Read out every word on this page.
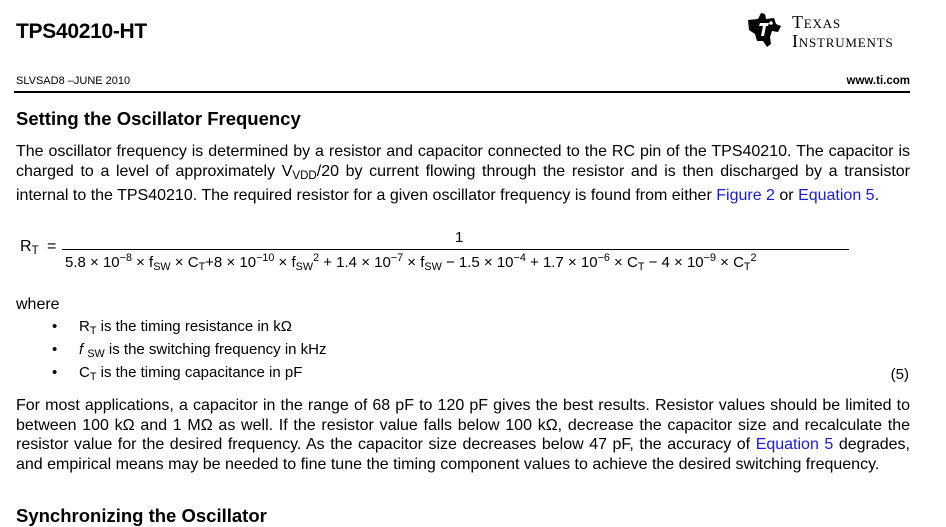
TPS40210-HT	TEXAS
INSTRUMENTS
SLVSAD8 –JUNE 2010	www.ti.com
Setting the Oscillator Frequency
The oscillator frequency is determined by a resistor and capacitor connected to the RC pin of the TPS40210. The capacitor is charged to a level of approximately $V_{VDD}/20$ by current flowing through the resistor and is then discharged by a transistor internal to the TPS40210. The required resistor for a given oscillator frequency is found from either Figure 2 or Equation 5.
$R_T$ =
1
$5.8 \times 10^{-8} \times f_{SW} \times C_T+8 \times 10^{-10} \times f_{SW}^2 + 1.4 \times 10^{-7} \times f_{SW} - 1.5 \times 10^{-4} + 1.7 \times 10^{-6} \times C_T - 4 \times 10^{-9} \times C_T^2$
where
•	$R_T$ is the timing resistance in kΩ
•	f $_{SW}$ is the switching frequency in kHz
•	$C_T$ is the timing capacitance in pF	(5)
For most applications, a capacitor in the range of 68 pF to 120 pF gives the best results. Resistor values should be limited to between 100 kΩ and 1 MΩ as well. If the resistor value falls below 100 kΩ, decrease the capacitor size and recalculate the resistor value for the desired frequency. As the capacitor size decreases below 47 pF, the accuracy of Equation 5 degrades, and empirical means may be needed to fine tune the timing component values to achieve the desired switching frequency.
Synchronizing the Oscillator
